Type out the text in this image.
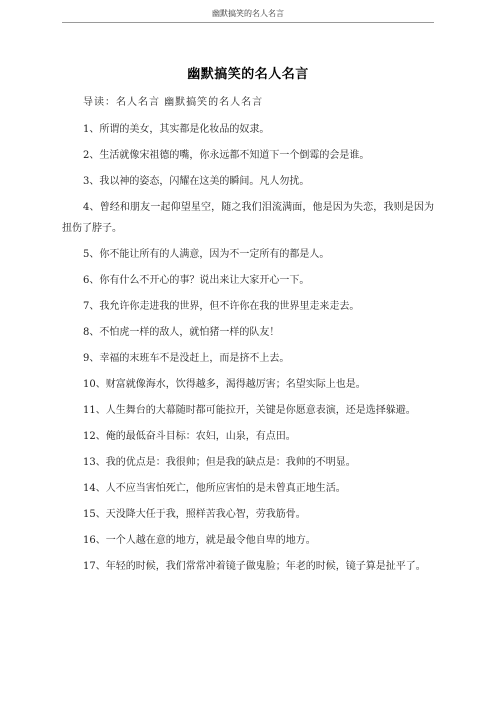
幽默搞笑的名人名言
幽默搞笑的名人名言
导读：名人名言 幽默搞笑的名人名言
1、所谓的美女，其实都是化妆品的奴隶。
2、生活就像宋祖德的嘴，你永远都不知道下一个倒霉的会是谁。
3、我以神的姿态，闪耀在这美的瞬间。凡人勿扰。
4、曾经和朋友一起仰望星空，随之我们泪流满面，他是因为失恋，我则是因为扭伤了脖子。
5、你不能让所有的人满意，因为不一定所有的都是人。
6、你有什么不开心的事？说出来让大家开心一下。
7、我允许你走进我的世界，但不许你在我的世界里走来走去。
8、不怕虎一样的敌人，就怕猪一样的队友！
9、幸福的末班车不是没赶上，而是挤不上去。
10、财富就像海水，饮得越多，渴得越厉害；名望实际上也是。
11、人生舞台的大幕随时都可能拉开，关键是你愿意表演，还是选择躲避。
12、俺的最低奋斗目标：农妇，山泉，有点田。
13、我的优点是：我很帅；但是我的缺点是：我帅的不明显。
14、人不应当害怕死亡，他所应害怕的是未曾真正地生活。
15、天没降大任于我，照样苦我心智，劳我筋骨。
16、一个人越在意的地方，就是最令他自卑的地方。
17、年轻的时候，我们常常冲着镜子做鬼脸；年老的时候，镜子算是扯平了。
